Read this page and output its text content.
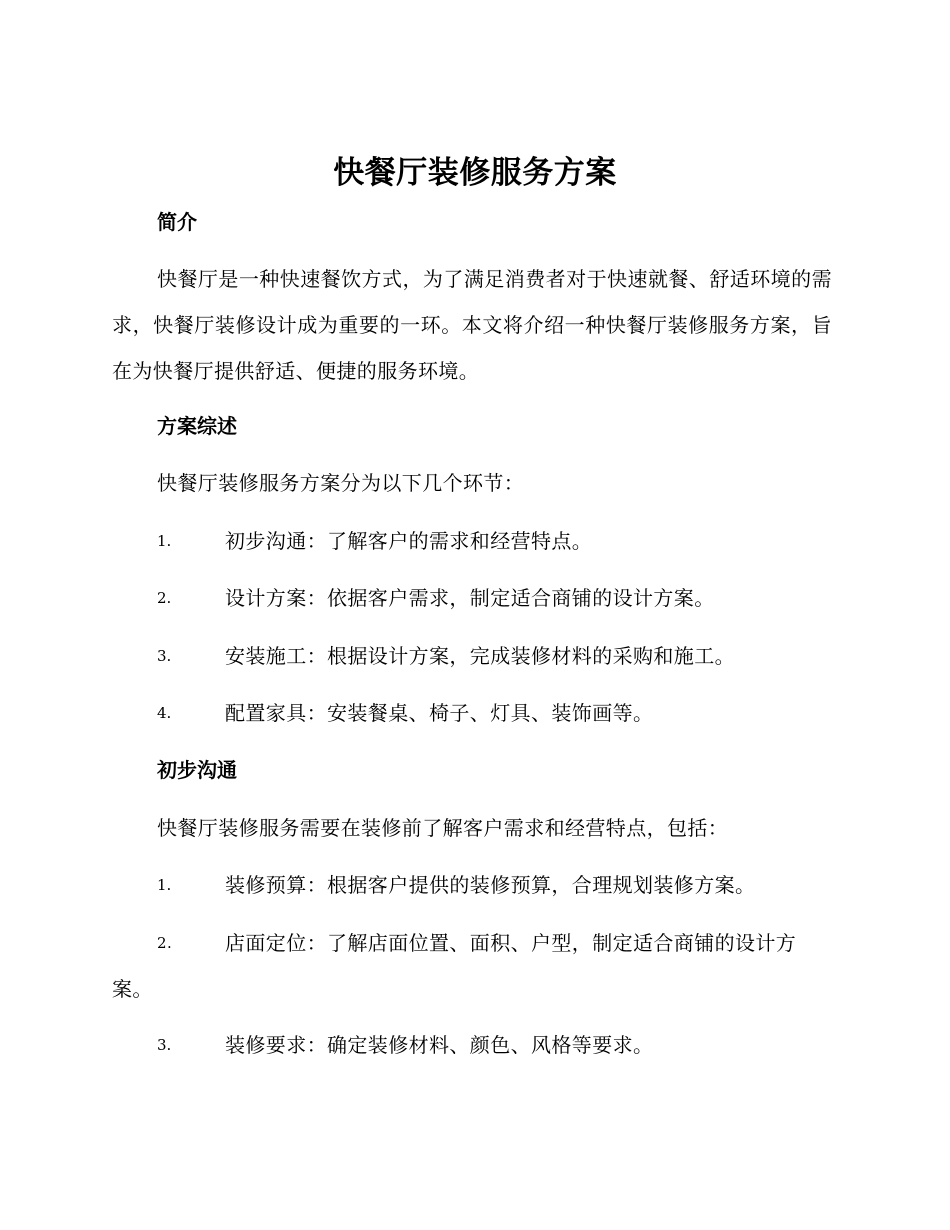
快餐厅装修服务方案
简介
快餐厅是一种快速餐饮方式，为了满足消费者对于快速就餐、舒适环境的需求，快餐厅装修设计成为重要的一环。本文将介绍一种快餐厅装修服务方案，旨在为快餐厅提供舒适、便捷的服务环境。
方案综述
快餐厅装修服务方案分为以下几个环节：
1.	初步沟通：了解客户的需求和经营特点。
2.	设计方案：依据客户需求，制定适合商铺的设计方案。
3.	安装施工：根据设计方案，完成装修材料的采购和施工。
4.	配置家具：安装餐桌、椅子、灯具、装饰画等。
初步沟通
快餐厅装修服务需要在装修前了解客户需求和经营特点，包括：
1.	装修预算：根据客户提供的装修预算，合理规划装修方案。
2.	店面定位：了解店面位置、面积、户型，制定适合商铺的设计方案。
3.	装修要求：确定装修材料、颜色、风格等要求。
